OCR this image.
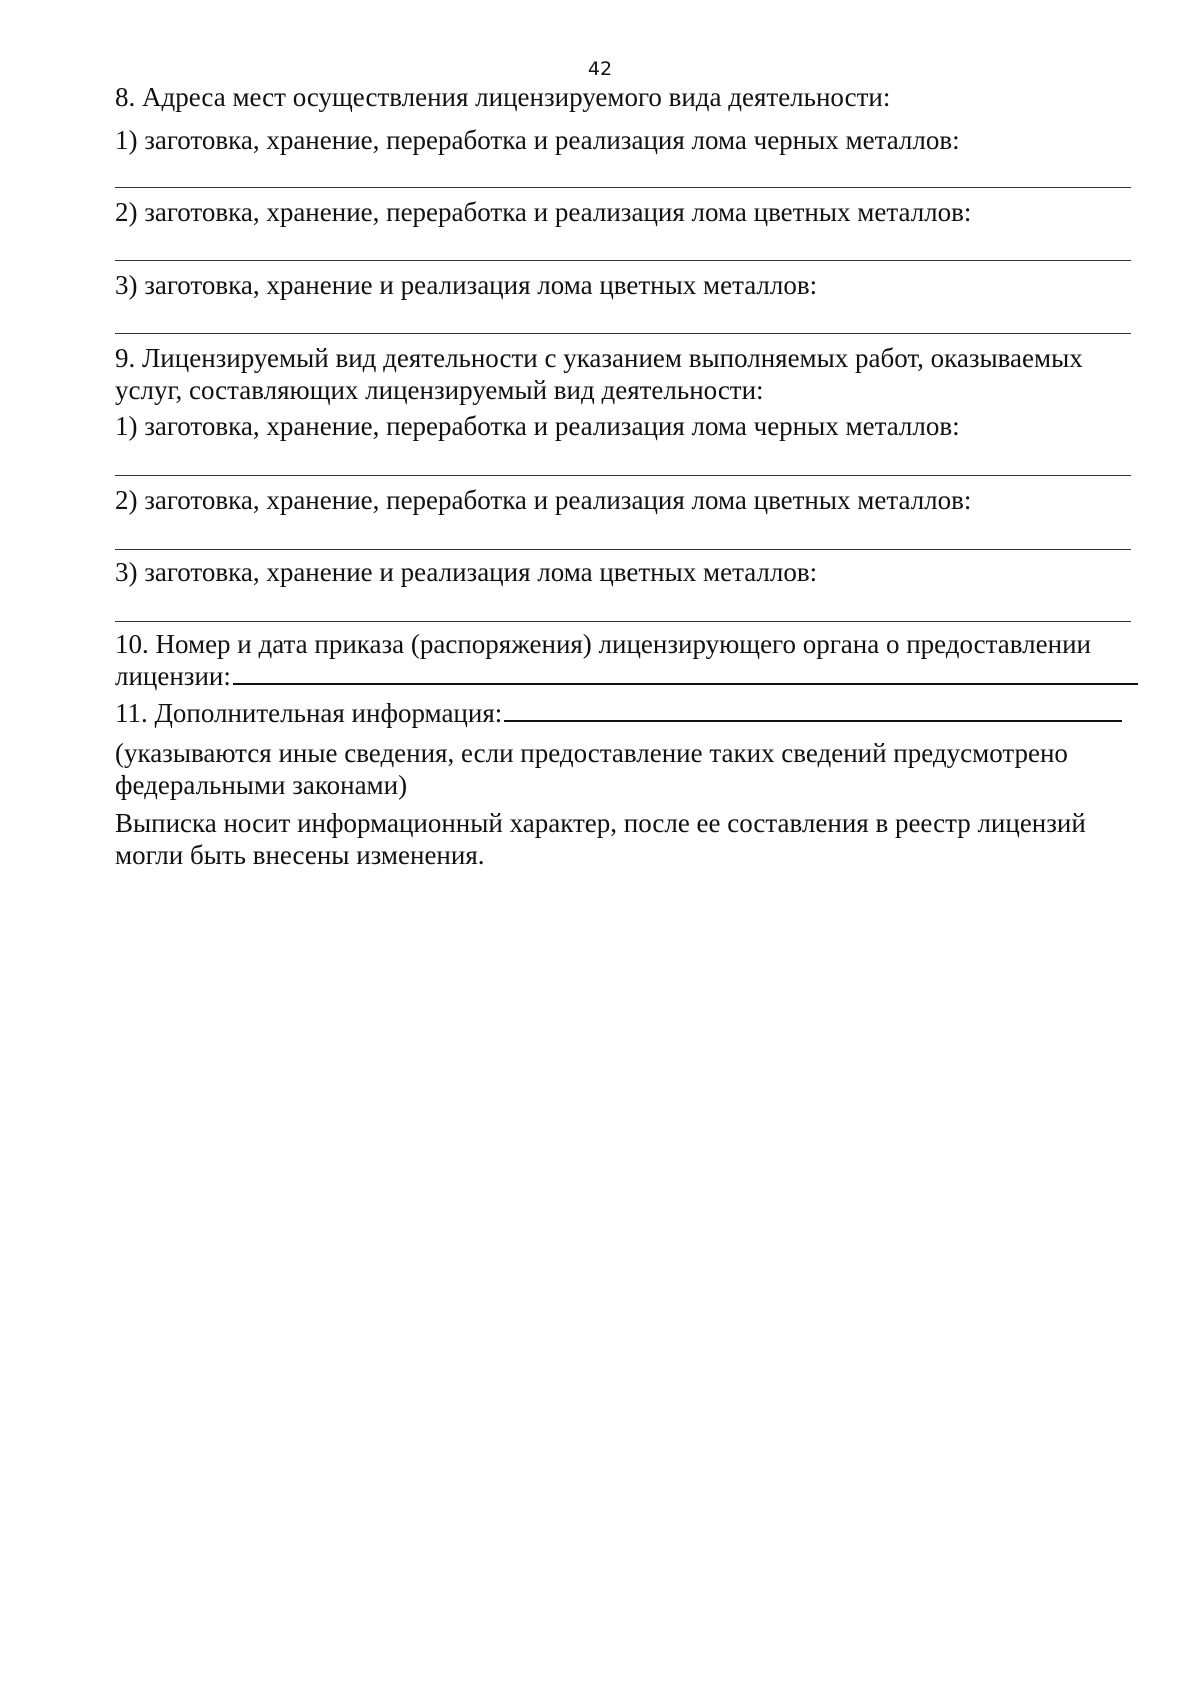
42
8. Адреса мест осуществления лицензируемого вида деятельности:
1) заготовка, хранение, переработка и реализация лома черных металлов:
2) заготовка, хранение, переработка и реализация лома цветных металлов:
3) заготовка, хранение и реализация лома цветных металлов:
9. Лицензируемый вид деятельности с указанием выполняемых работ, оказываемых
услуг, составляющих лицензируемый вид деятельности:
1) заготовка, хранение, переработка и реализация лома черных металлов:
2) заготовка, хранение, переработка и реализация лома цветных металлов:
3) заготовка, хранение и реализация лома цветных металлов:
10. Номер и дата приказа (распоряжения) лицензирующего органа о предоставлении
лицензии:
11. Дополнительная информация:
(указываются иные сведения, если предоставление таких сведений предусмотрено
федеральными законами)
Выписка носит информационный характер, после ее составления в реестр лицензий
могли быть внесены изменения.
